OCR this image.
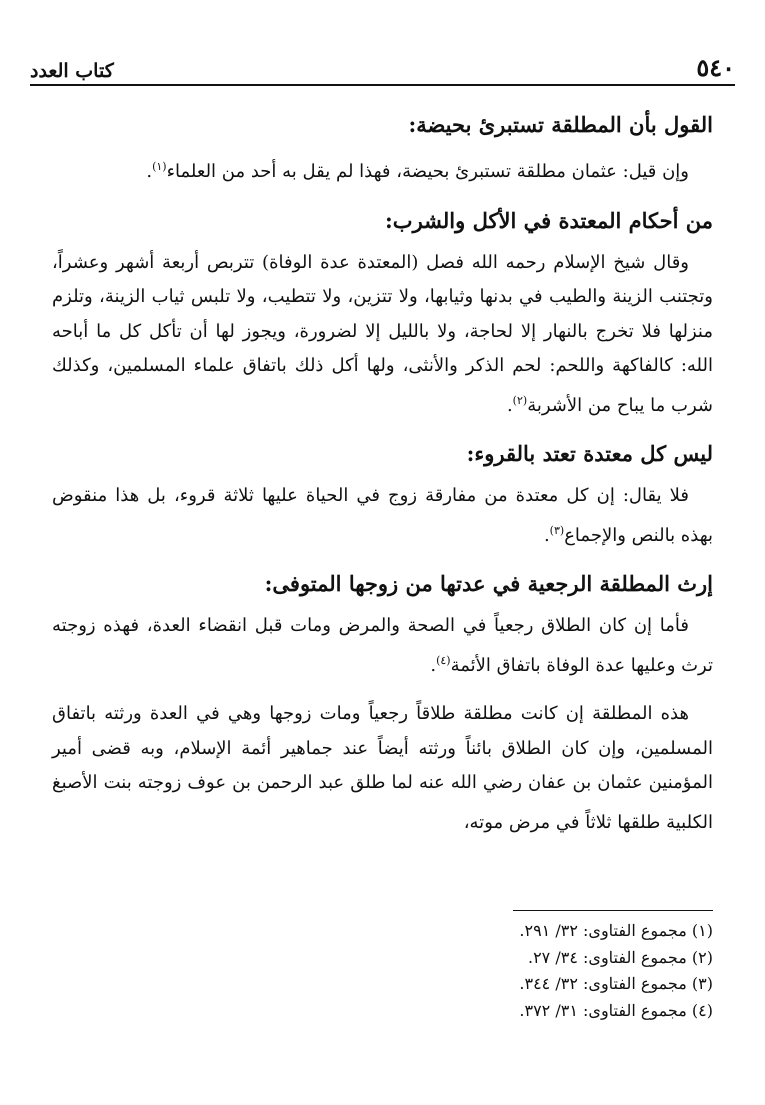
٥٤٠
كتاب العدد
القول بأن المطلقة تستبرئ بحيضة:

وإن قيل: عثمان مطلقة تستبرئ بحيضة، فهذا لم يقل به أحد من العلماء$^{(١)}$.

من أحكام المعتدة في الأكل والشرب:

وقال شيخ الإسلام رحمه الله فصل (المعتدة عدة الوفاة) تتربص أربعة أشهر وعشراً، وتجتنب الزينة والطيب في بدنها وثيابها، ولا تتزين، ولا تتطيب، ولا تلبس ثياب الزينة، وتلزم منزلها فلا تخرج بالنهار إلا لحاجة، ولا بالليل إلا لضرورة، ويجوز لها أن تأكل كل ما أباحه الله: كالفاكهة واللحم: لحم الذكر والأنثى، ولها أكل ذلك باتفاق علماء المسلمين، وكذلك شرب ما يباح من الأشربة$^{(٢)}$.

ليس كل معتدة تعتد بالقروء:

فلا يقال: إن كل معتدة من مفارقة زوج في الحياة عليها ثلاثة قروء، بل هذا منقوض بهذه بالنص والإجماع$^{(٣)}$.

إرث المطلقة الرجعية في عدتها من زوجها المتوفى:

فأما إن كان الطلاق رجعياً في الصحة والمرض ومات قبل انقضاء العدة، فهذه زوجته ترث وعليها عدة الوفاة باتفاق الأئمة$^{(٤)}$.

هذه المطلقة إن كانت مطلقة طلاقاً رجعياً ومات زوجها وهي في العدة ورثته باتفاق المسلمين، وإن كان الطلاق بائناً ورثته أيضاً عند جماهير أئمة الإسلام، وبه قضى أمير المؤمنين عثمان بن عفان رضي الله عنه لما طلق عبد الرحمن بن عوف زوجته بنت الأصبغ الكلبية طلقها ثلاثاً في مرض موته،

(١) مجموع الفتاوى: ٣٢/ ٢٩١.
(٢) مجموع الفتاوى: ٣٤/ ٢٧.
(٣) مجموع الفتاوى: ٣٢/ ٣٤٤.
(٤) مجموع الفتاوى: ٣١/ ٣٧٢.
